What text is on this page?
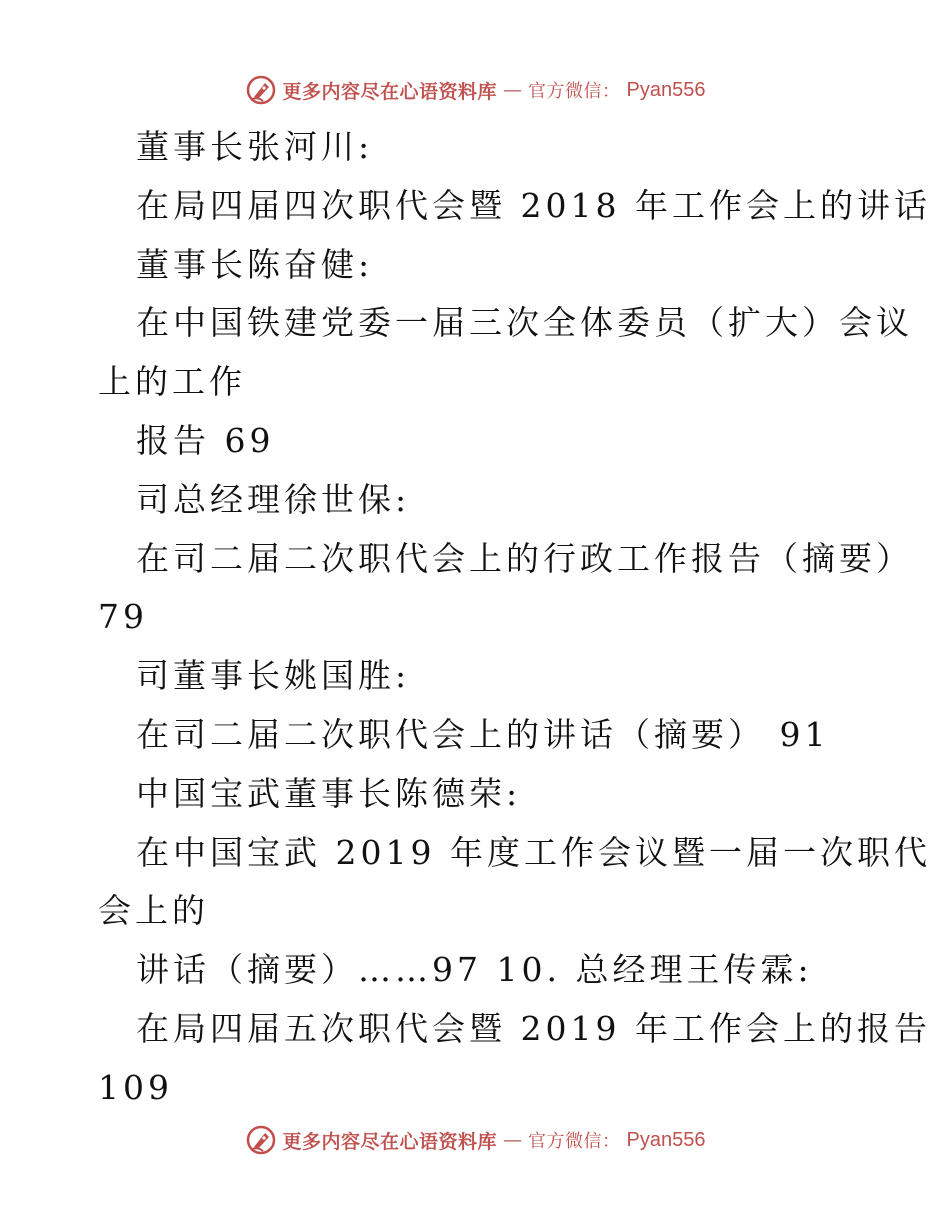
更多内容尽在心语资料库 — 官方微信： Pyan556
董事长张河川:
在局四届四次职代会暨 2018 年工作会上的讲话
董事长陈奋健:
在中国铁建党委一届三次全体委员（扩大）会议
上的工作
报告 69
司总经理徐世保:
在司二届二次职代会上的行政工作报告（摘要）
79
司董事长姚国胜:
在司二届二次职代会上的讲话（摘要） 91
中国宝武董事长陈德荣:
在中国宝武 2019 年度工作会议暨一届一次职代
会上的
讲话（摘要）……97 10. 总经理王传霖:
在局四届五次职代会暨 2019 年工作会上的报告
109
更多内容尽在心语资料库 — 官方微信： Pyan556
